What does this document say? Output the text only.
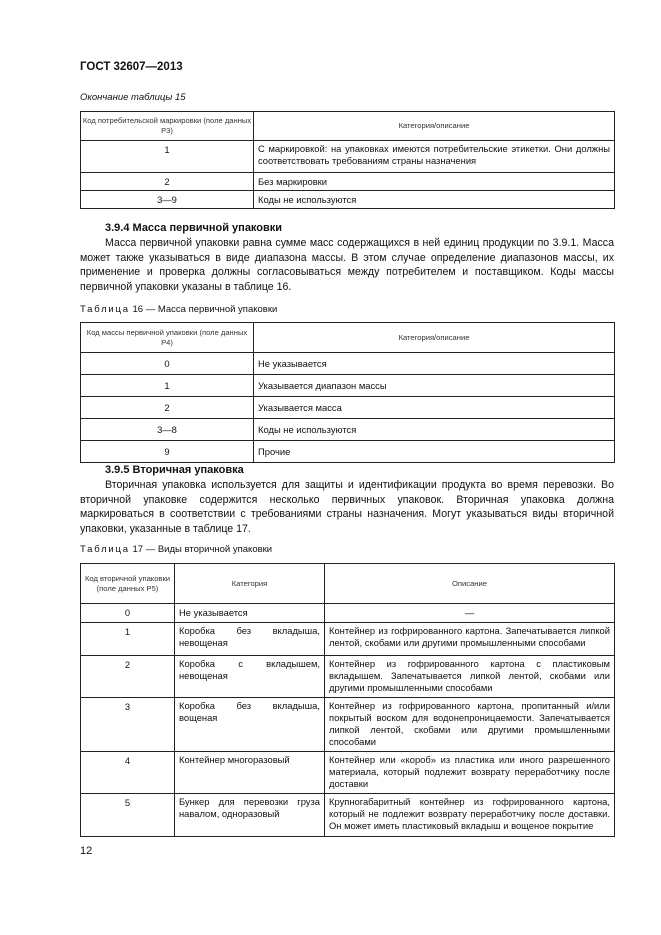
ГОСТ 32607—2013
Окончание таблицы 15
Код потребительской маркировки (поле данных P3)	Категория/описание
1	С маркировкой: на упаковках имеются потребительские этикетки. Они должны соответствовать требованиям страны назначения
2	Без маркировки
3—9	Коды не используются
3.9.4 Масса первичной упаковки

Масса первичной упаковки равна сумме масс содержащихся в ней единиц продукции по 3.9.1. Масса может также указываться в виде диапазона массы. В этом случае определение диапазонов массы, их применение и проверка должны согласовываться между потребителем и поставщиком. Коды массы первичной упаковки указаны в таблице 16.

Таблица 16 — Масса первичной упаковки
Код массы первичной упаковки (поле данных P4)	Категория/описание
0	Не указывается
1	Указывается диапазон массы
2	Указывается масса
3—8	Коды не используются
9	Прочие
3.9.5 Вторичная упаковка

Вторичная упаковка используется для защиты и идентификации продукта во время перевозки. Во вторичной упаковке содержится несколько первичных упаковок. Вторичная упаковка должна маркироваться в соответствии с требованиями страны назначения. Могут указываться виды вторичной упаковки, указанные в таблице 17.

Таблица 17 — Виды вторичной упаковки
Код вторичной упаковки (поле данных P5)	Категория	Описание
0	Не указывается	—
1	Коробка без вкладыша, невощеная	Контейнер из гофрированного картона. Запечатывается липкой лентой, скобами или другими промышленными способами
2	Коробка с вкладышем, невощеная	Контейнер из гофрированного картона с пластиковым вкладышем. Запечатывается липкой лентой, скобами или другими промышленными способами
3	Коробка без вкладыша, вощеная	Контейнер из гофрированного картона, пропитанный и/или покрытый воском для водонепроницаемости. Запечатывается липкой лентой, скобами или другими промышленными способами
4	Контейнер многоразовый	Контейнер или «короб» из пластика или иного разрешенного материала, который подлежит возврату переработчику после доставки
5	Бункер для перевозки груза навалом, одноразовый	Крупногабаритный контейнер из гофрированного картона, который не подлежит возврату переработчику после доставки. Он может иметь пластиковый вкладыш и вощеное покрытие
12
